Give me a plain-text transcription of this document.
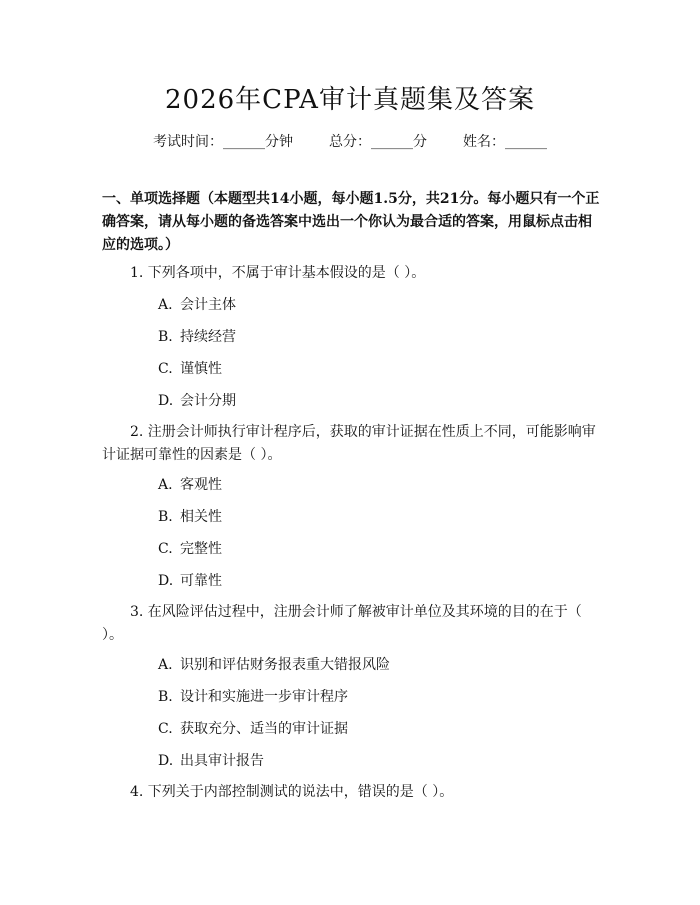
2026年CPA审计真题集及答案
考试时间：______分钟	总分：______分	姓名：______
一、单项选择题（本题型共14小题，每小题1.5分，共21分。每小题只有一个正确答案，请从每小题的备选答案中选出一个你认为最合适的答案，用鼠标点击相应的选项。）
1. 下列各项中，不属于审计基本假设的是（ ）。
A. 会计主体
B. 持续经营
C. 谨慎性
D. 会计分期
2. 注册会计师执行审计程序后，获取的审计证据在性质上不同，可能影响审计证据可靠性的因素是（ ）。
A. 客观性
B. 相关性
C. 完整性
D. 可靠性
3. 在风险评估过程中，注册会计师了解被审计单位及其环境的目的在于（ ）。
A. 识别和评估财务报表重大错报风险
B. 设计和实施进一步审计程序
C. 获取充分、适当的审计证据
D. 出具审计报告
4. 下列关于内部控制测试的说法中，错误的是（ ）。
